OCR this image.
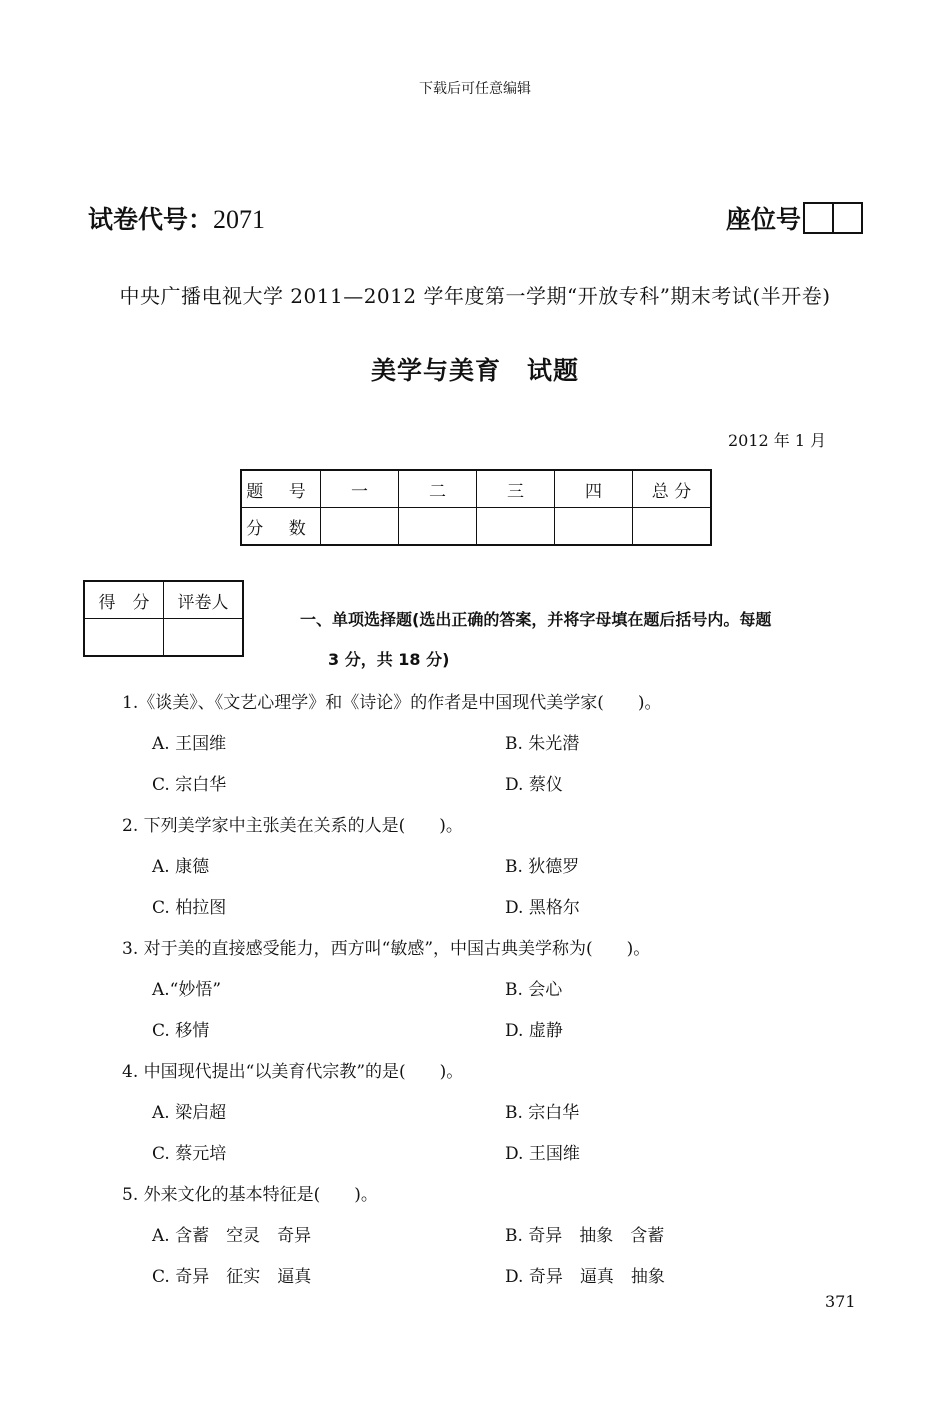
下载后可任意编辑
试卷代号：2071	座位号
中央广播电视大学 2011—2012 学年度第一学期“开放专科”期末考试(半开卷)
美学与美育　试题
2012 年 1 月
题 号	一	二	三	四	总 分
分 数					
得　分	评卷人

一、单项选择题(选出正确的答案，并将字母填在题后括号内。每题
3 分，共 18 分)
1.《谈美》、《文艺心理学》和《诗论》的作者是中国现代美学家(　　)。
A. 王国维	B. 朱光潜
C. 宗白华	D. 蔡仪
2. 下列美学家中主张美在关系的人是(　　)。
A. 康德	B. 狄德罗
C. 柏拉图	D. 黑格尔
3. 对于美的直接感受能力，西方叫“敏感”，中国古典美学称为(　　)。
A.“妙悟”	B. 会心
C. 移情	D. 虚静
4. 中国现代提出“以美育代宗教”的是(　　)。
A. 梁启超	B. 宗白华
C. 蔡元培	D. 王国维
5. 外来文化的基本特征是(　　)。
A. 含蓄　空灵　奇异	B. 奇异　抽象　含蓄
C. 奇异　征实　逼真	D. 奇异　逼真　抽象
371
